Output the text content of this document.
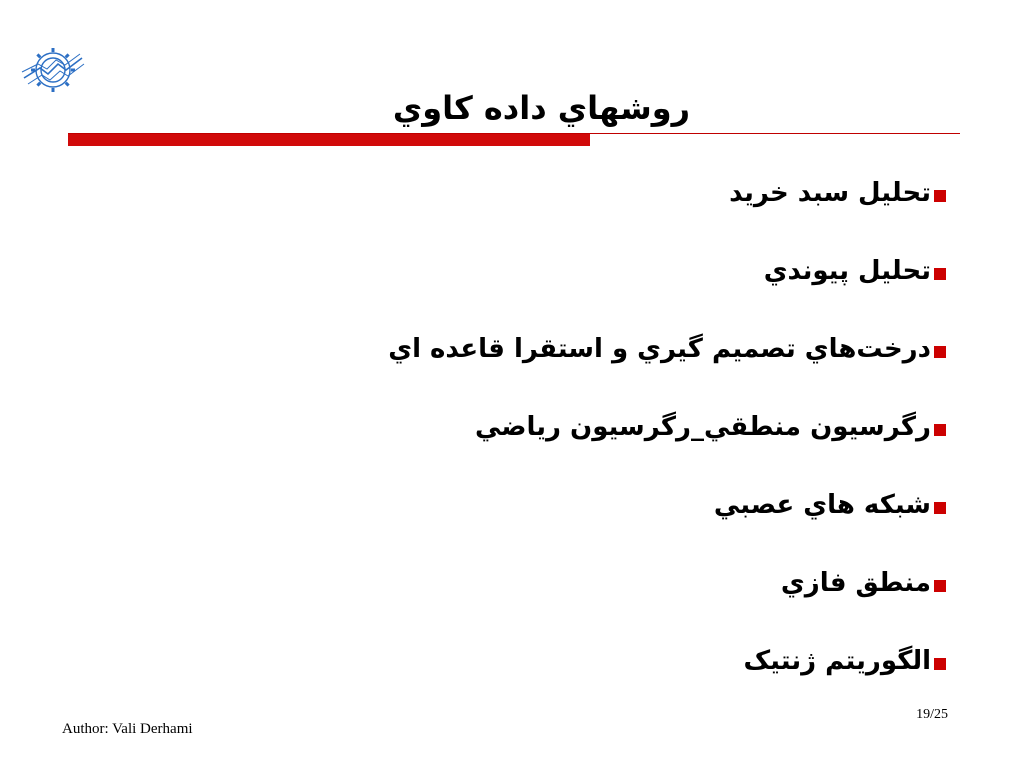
روشهاي داده کاوي
تحليل سبد خريد
تحليل پيوندي
درخت‌هاي تصميم گيري و استقرا قاعده اي
رگرسيون منطقي_رگرسيون رياضي
شبکه هاي عصبي
منطق فازي
الگوريتم ژنتيک
Author: Vali Derhami
19/25
